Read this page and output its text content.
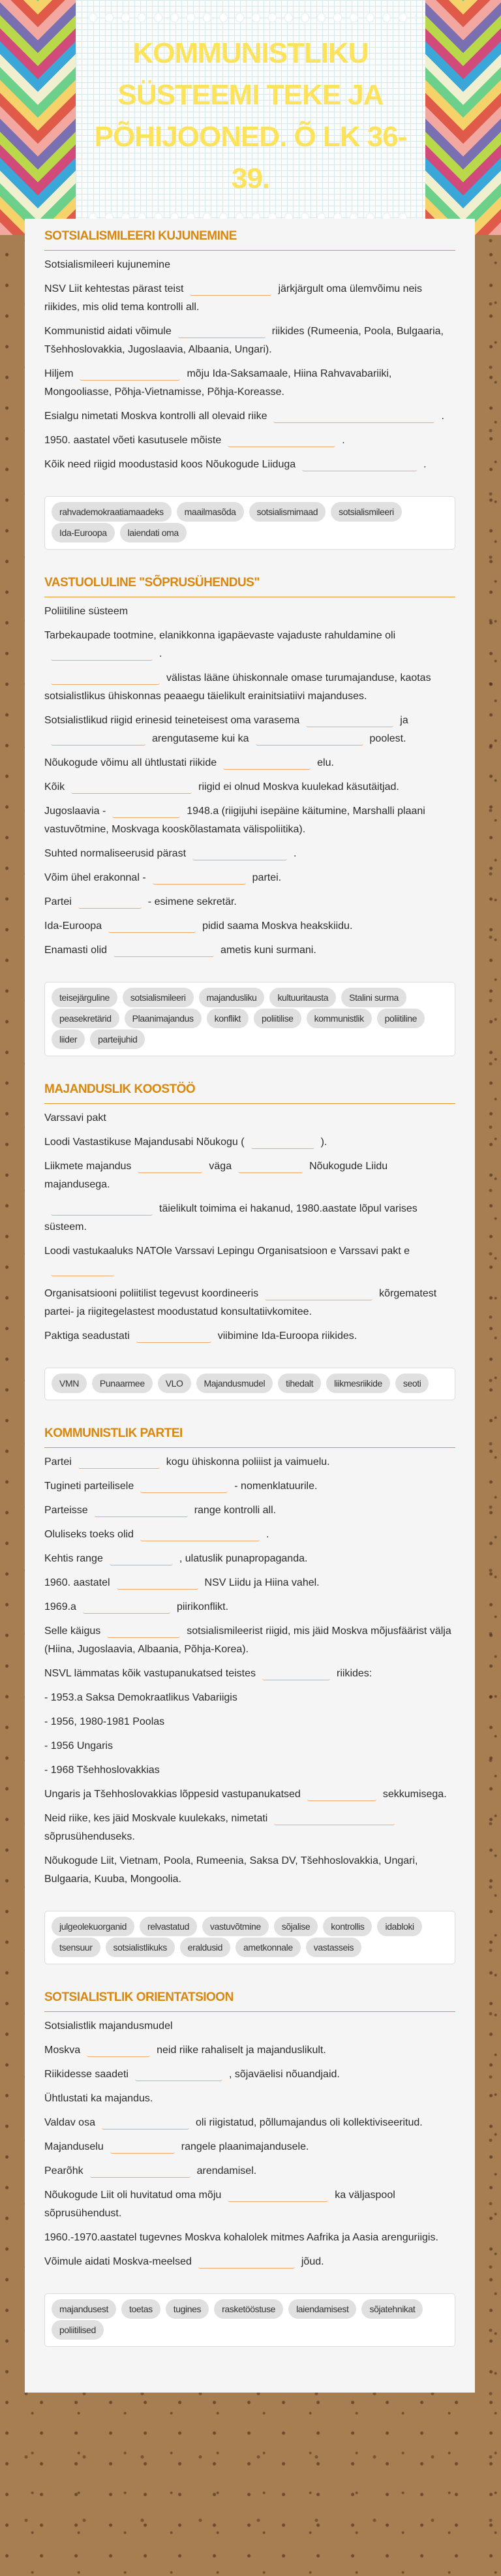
KOMMUNISTLIKU SÜSTEEMI TEKE JA PÕHIJOONED. Õ LK 36-39.
SOTSIALISMILEERI KUJUNEMINE

Sotsialismileeri kujunemine

NSV Liit kehtestas pärast teist	järkjärgult oma ülemvõimu neis riikides, mis olid tema kontrolli all.

Kommunistid aidati võimule	riikides (Rumeenia, Poola, Bulgaaria, Tšehhoslovakkia, Jugoslaavia, Albaania, Ungari).

Hiljem	mõju Ida-Saksamaale, Hiina Rahvavabariiki, Mongooliasse, Põhja-Vietnamisse, Põhja-Koreasse.

Esialgu nimetati Moskva kontrolli all olevaid riike	.

1950. aastatel võeti kasutusele mõiste	.

Kõik need riigid moodustasid koos Nõukogude Liiduga	.

rahvademokraatiamaadeks	maailmasõda	sotsialismimaad	sotsialismileeri
Ida-Euroopa	laiendati oma
VASTUOLULINE "SÕPRUSÜHENDUS"

Poliitiline süsteem

Tarbekaupade tootmine, elanikkonna igapäevaste vajaduste rahuldamine oli.

välistas lääne ühiskonnale omase turumajanduse, kaotas sotsialistlikus ühiskonnas peaaegu täielikult erainitsiatiivi majanduses.

Sotsialistlikud riigid erinesid teineteisest oma varasema	jaarengutaseme kui ka	poolest.

Nõukogude võimu all ühtlustati riikide	elu.

Kõik	riigid ei olnud Moskva kuulekad käsutäitjad.

Jugoslaavia -	1948.a (riigijuhi isepäine käitumine, Marshalli plaani vastuvõtmine, Moskvaga kooskõlastamata välispoliitika).

Suhted normaliseerusid pärast	.

Võim ühel erakonnal -	partei.

Partei	- esimene sekretär.

Ida-Euroopa	pidid saama Moskva heakskiidu.

Enamasti olid	ametis kuni surmani.

teisejärguline	sotsialismileeri	majandusliku	kultuuritausta	Stalini surma
peasekretärid	Plaanimajandus	konflikt	poliitilise	kommunistlik	poliitiline
liider	parteijuhid
MAJANDUSLIK KOOSTÖÖ

Varssavi pakt

Loodi Vastastikuse Majandusabi Nõukogu (	).

Liikmete majandus	väga	Nõukogude Liidu majandusega.

täielikult toimima ei hakanud, 1980.aastate lõpul varises süsteem.

Loodi vastukaaluks NATOle Varssavi Lepingu Organisatsioon e Varssavi pakt e

Organisatsiooni poliitilist tegevust koordineeris	kõrgematest partei- ja riigitegelastest moodustatud konsultatiivkomitee.

Paktiga seadustati	viibimine Ida-Euroopa riikides.

VMN	Punaarmee	VLO	Majandusmudel	tihedalt	liikmesriikide	seoti
KOMMUNISTLIK PARTEI

Partei	kogu ühiskonna poliiist ja vaimuelu.

Tugineti parteilisele	- nomenklatuurile.

Parteisse	range kontrolli all.

Oluliseks toeks olid	.

Kehtis range	, ulatuslik punapropaganda.

1960. aastatel	NSV Liidu ja Hiina vahel.

1969.a	piirikonflikt.

Selle käigus	sotsialismileerist riigid, mis jäid Moskva mõjusfäärist välja (Hiina, Jugoslaavia, Albaania, Põhja-Korea).

NSVL lämmatas kõik vastupanukatsed teistes	riikides:

- 1953.a Saksa Demokraatlikus Vabariigis

- 1956, 1980-1981 Poolas

- 1956 Ungaris

- 1968 Tšehhoslovakkias

Ungaris ja Tšehhoslovakkias lõppesid vastupanukatsed	sekkumisega.

Neid riike, kes jäid Moskvale kuulekaks, nimetatisõprusühenduseks.

Nõukogude Liit, Vietnam, Poola, Rumeenia, Saksa DV, Tšehhoslovakkia, Ungari, Bulgaaria, Kuuba, Mongoolia.

julgeolekuorganid	relvastatud	vastuvõtmine	sõjalise	kontrollis	idabloki
tsensuur	sotsialistlikuks	eraldusid	ametkonnale	vastasseis
SOTSIALISTLIK ORIENTATSIOON

Sotsialistlik majandusmudel

Moskva	neid riike rahaliselt ja majanduslikult.

Riikidesse saadeti	, sõjaväelisi nõuandjaid.

Ühtlustati ka majandus.

Valdav osa	oli riigistatud, põllumajandus oli kollektiviseeritud.

Majanduselu	rangele plaanimajandusele.

Pearõhk	arendamisel.

Nõukogude Liit oli huvitatud oma mõju	ka väljaspool sõprusühendust.

1960.-1970.aastatel tugevnes Moskva kohalolek mitmes Aafrika ja Aasia arenguriigis.

Võimule aidati Moskva-meelsed	jõud.

majandusest	toetas	tugines	rasketööstuse	laiendamisest	sõjatehnikat
poliitilised
